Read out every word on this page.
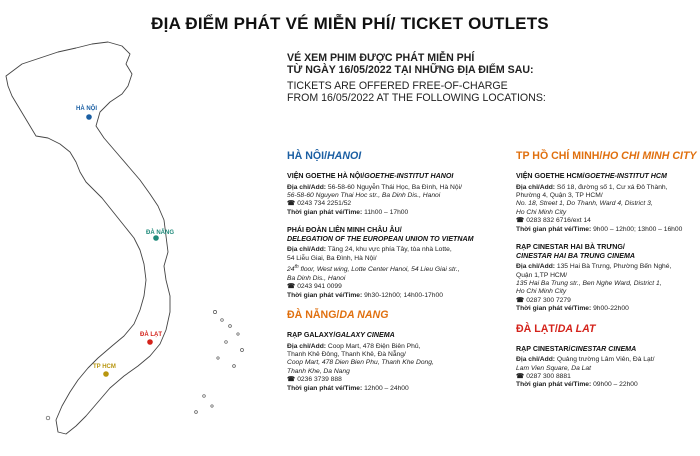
ĐỊA ĐIỂM PHÁT VÉ MIỄN PHÍ/ TICKET OUTLETS
HÀ NỘI
ĐÀ NẴNG
ĐÀ LẠT
TP HCM
VÉ XEM PHIM ĐƯỢC PHÁT MIỄN PHÍ
TỪ NGÀY 16/05/2022 TẠI NHỮNG ĐỊA ĐIỂM SAU:
TICKETS ARE OFFERED FREE-OF-CHARGE
FROM 16/05/2022 AT THE FOLLOWING LOCATIONS:
HÀ NỘI/HANOI
VIỆN GOETHE HÀ NỘI/GOETHE-INSTITUT HANOI
Địa chỉ/Add: 56-58-60 Nguyễn Thái Học, Ba Đình, Hà Nội/
56-58-60 Nguyen Thai Hoc str., Ba Dinh Dis., Hanoi
☎ 0243 734 2251/52
Thời gian phát vé/Time: 11h00 – 17h00
PHÁI ĐOÀN LIÊN MINH CHÂU ÂU/
DELEGATION OF THE EUROPEAN UNION TO VIETNAM
Địa chỉ/Add: Tầng 24, khu vực phía Tây, tòa nhà Lotte,
54 Liễu Giai, Ba Đình, Hà Nội/
24th floor, West wing, Lotte Center Hanoi, 54 Lieu Giai str.,
Ba Dinh Dis., Hanoi
☎ 0243 941 0099
Thời gian phát vé/Time: 9h30-12h00; 14h00-17h00
ĐÀ NẴNG/DA NANG
RẠP GALAXY/GALAXY CINEMA
Địa chỉ/Add: Coop Mart, 478 Điện Biên Phủ,
Thanh Khê Đông, Thanh Khê, Đà Nẵng/
Coop Mart, 478 Dien Bien Phu, Thanh Khe Dong,
Thanh Khe, Da Nang
☎ 0236 3739 888
Thời gian phát vé/Time: 12h00 – 24h00
TP HỒ CHÍ MINH/HO CHI MINH CITY
VIỆN GOETHE HCM/GOETHE-INSTITUT HCM
Địa chỉ/Add: Số 18, đường số 1, Cư xá Đô Thành,
Phường 4, Quận 3, TP HCM/
No. 18, Street 1, Do Thanh, Ward 4, District 3,
Ho Chi Minh City
☎ 0283 832 6716/ext 14
Thời gian phát vé/Time: 9h00 – 12h00; 13h00 – 16h00
RẠP CINESTAR HAI BÀ TRƯNG/
CINESTAR HAI BA TRUNG CINEMA
Địa chỉ/Add: 135 Hai Bà Trưng, Phường Bến Nghé,
Quận 1,TP HCM/
135 Hai Ba Trung str., Ben Nghe Ward, District 1,
Ho Chi Minh City
☎ 0287 300 7279
Thời gian phát vé/Time: 9h00-22h00
ĐÀ LẠT/DA LAT
RẠP CINESTAR/CINESTAR CINEMA
Địa chỉ/Add: Quảng trường Lâm Viên, Đà Lạt/
Lam Vien Square, Da Lat
☎ 0287 300 8881
Thời gian phát vé/Time: 09h00 – 22h00
